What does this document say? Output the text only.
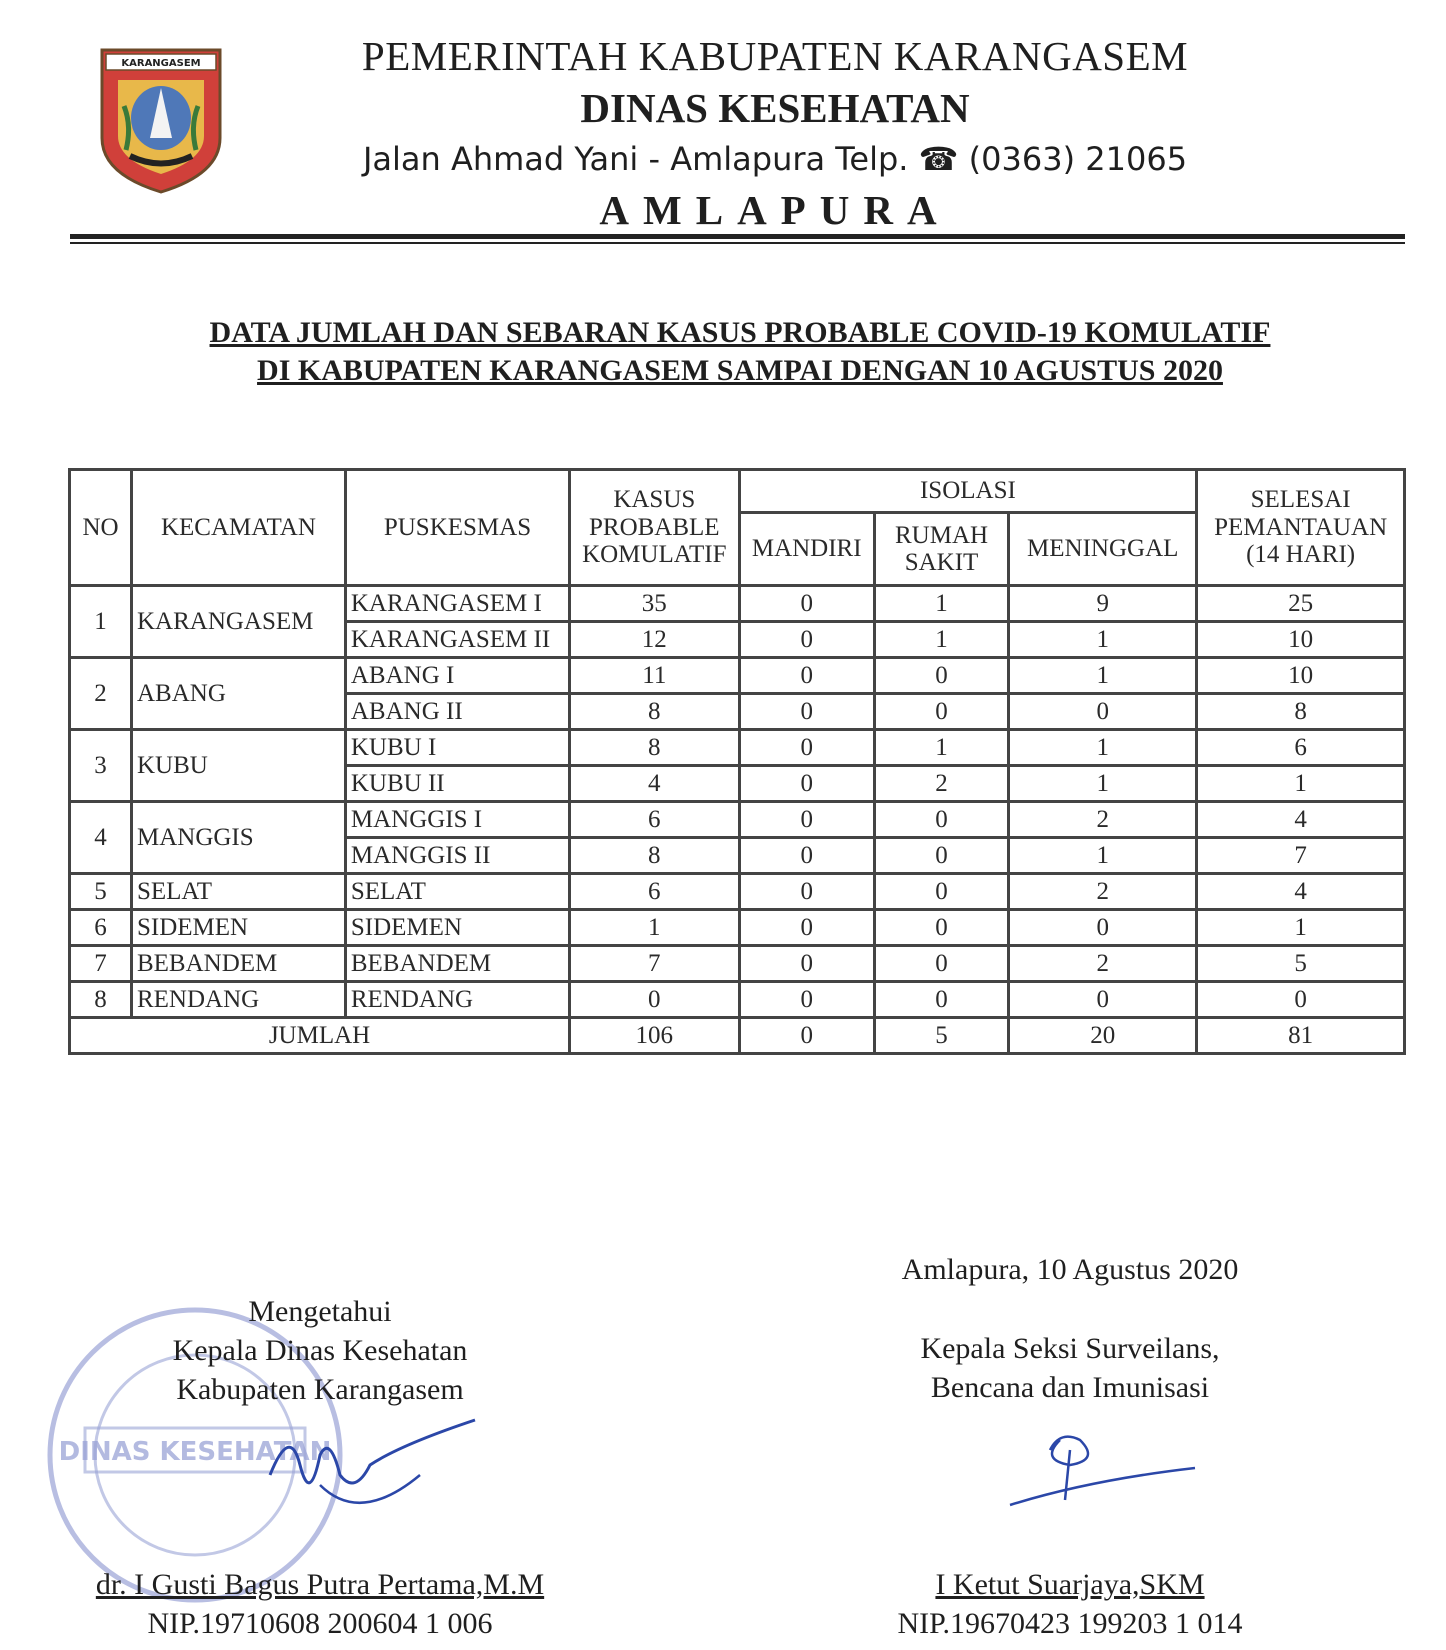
KARANGASEM	PEMERINTAH KABUPATEN KARANGASEM
DINAS KESEHATAN
Jalan Ahmad Yani - Amlapura Telp. ☎ (0363) 21065
AMLAPURA
DATA JUMLAH DAN SEBARAN KASUS PROBABLE COVID-19 KOMULATIF
DI KABUPATEN KARANGASEM SAMPAI DENGAN 10 AGUSTUS 2020
NO	KECAMATAN	PUSKESMAS	KASUS PROBABLE KOMULATIF	ISOLASI			SELESAI PEMANTAUAN (14 HARI)
				MANDIRI	RUMAH SAKIT	MENINGGAL	
1	KARANGASEM	KARANGASEM I	35	0	1	9	25
		KARANGASEM II	12	0	1	1	10
2	ABANG	ABANG I	11	0	0	1	10
		ABANG II	8	0	0	0	8
3	KUBU	KUBU I	8	0	1	1	6
		KUBU II	4	0	2	1	1
4	MANGGIS	MANGGIS I	6	0	0	2	4
		MANGGIS II	8	0	0	1	7
5	SELAT	SELAT	6	0	0	2	4
6	SIDEMEN	SIDEMEN	1	0	0	0	1
7	BEBANDEM	BEBANDEM	7	0	0	2	5
8	RENDANG	RENDANG	0	0	0	0	0
JUMLAH			106	0	5	20	81
DINAS KESEHATAN
Mengetahui
Kepala Dinas Kesehatan
Kabupaten Karangasem
dr. I Gusti Bagus Putra Pertama,M.M
NIP.19710608 200604 1 006
Amlapura, 10 Agustus 2020
Kepala Seksi Surveilans,
Bencana dan Imunisasi
I Ketut Suarjaya,SKM
NIP.19670423 199203 1 014
